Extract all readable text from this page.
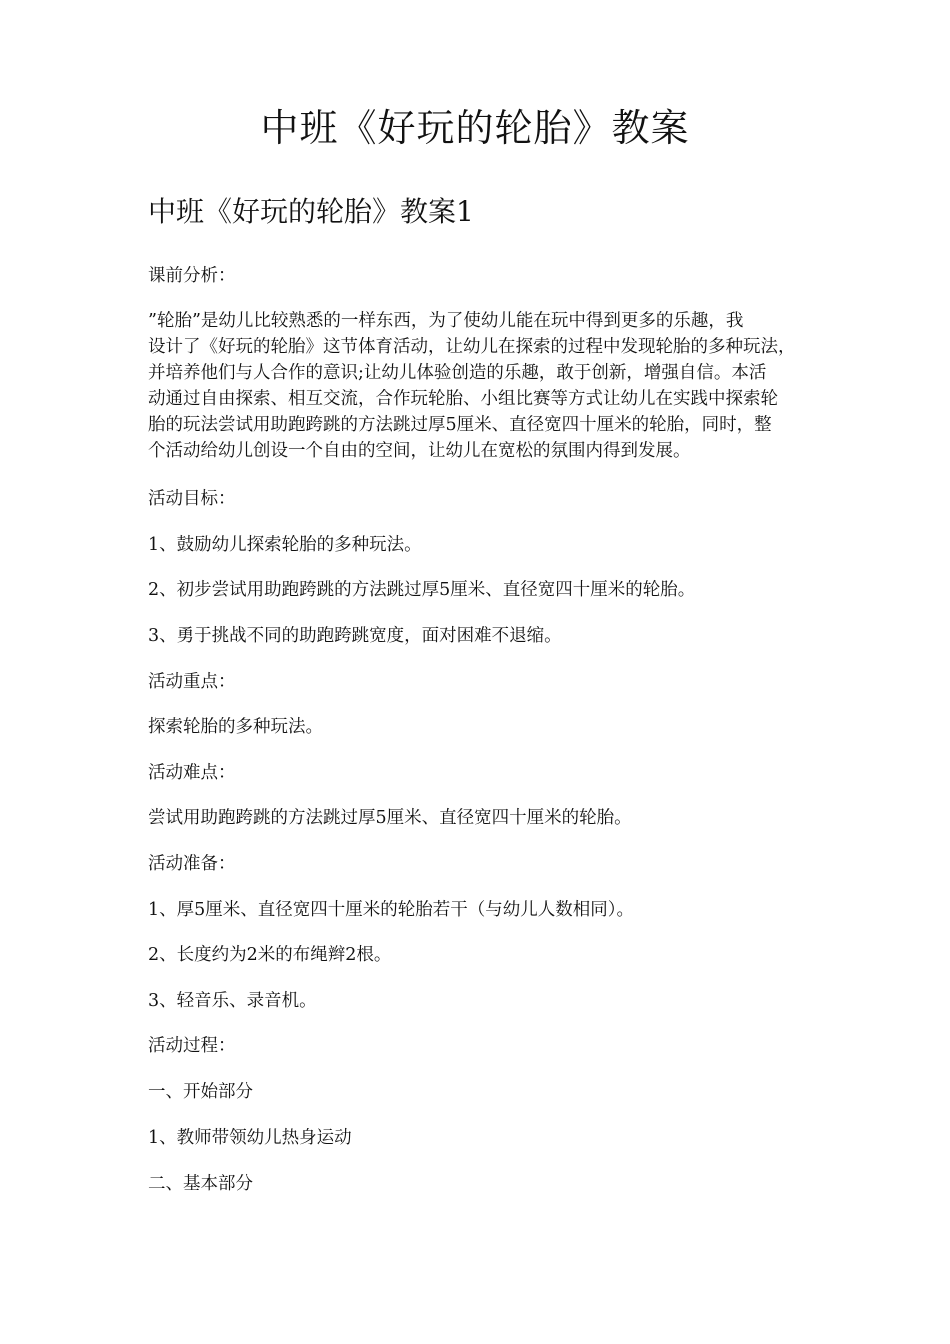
中班《好玩的轮胎》教案
中班《好玩的轮胎》教案1

课前分析：

”轮胎”是幼儿比较熟悉的一样东西，为了使幼儿能在玩中得到更多的乐趣，我
设计了《好玩的轮胎》这节体育活动，让幼儿在探索的过程中发现轮胎的多种玩法，
并培养他们与人合作的意识;让幼儿体验创造的乐趣，敢于创新，增强自信。本活
动通过自由探索、相互交流，合作玩轮胎、小组比赛等方式让幼儿在实践中探索轮
胎的玩法尝试用助跑跨跳的方法跳过厚5厘米、直径宽四十厘米的轮胎，同时，整
个活动给幼儿创设一个自由的空间，让幼儿在宽松的氛围内得到发展。

活动目标：

1、鼓励幼儿探索轮胎的多种玩法。

2、初步尝试用助跑跨跳的方法跳过厚5厘米、直径宽四十厘米的轮胎。

3、勇于挑战不同的助跑跨跳宽度，面对困难不退缩。

活动重点：

探索轮胎的多种玩法。

活动难点：

尝试用助跑跨跳的方法跳过厚5厘米、直径宽四十厘米的轮胎。

活动准备：

1、厚5厘米、直径宽四十厘米的轮胎若干（与幼儿人数相同）。

2、长度约为2米的布绳辫2根。

3、轻音乐、录音机。

活动过程：

一、开始部分

1、教师带领幼儿热身运动

二、基本部分
